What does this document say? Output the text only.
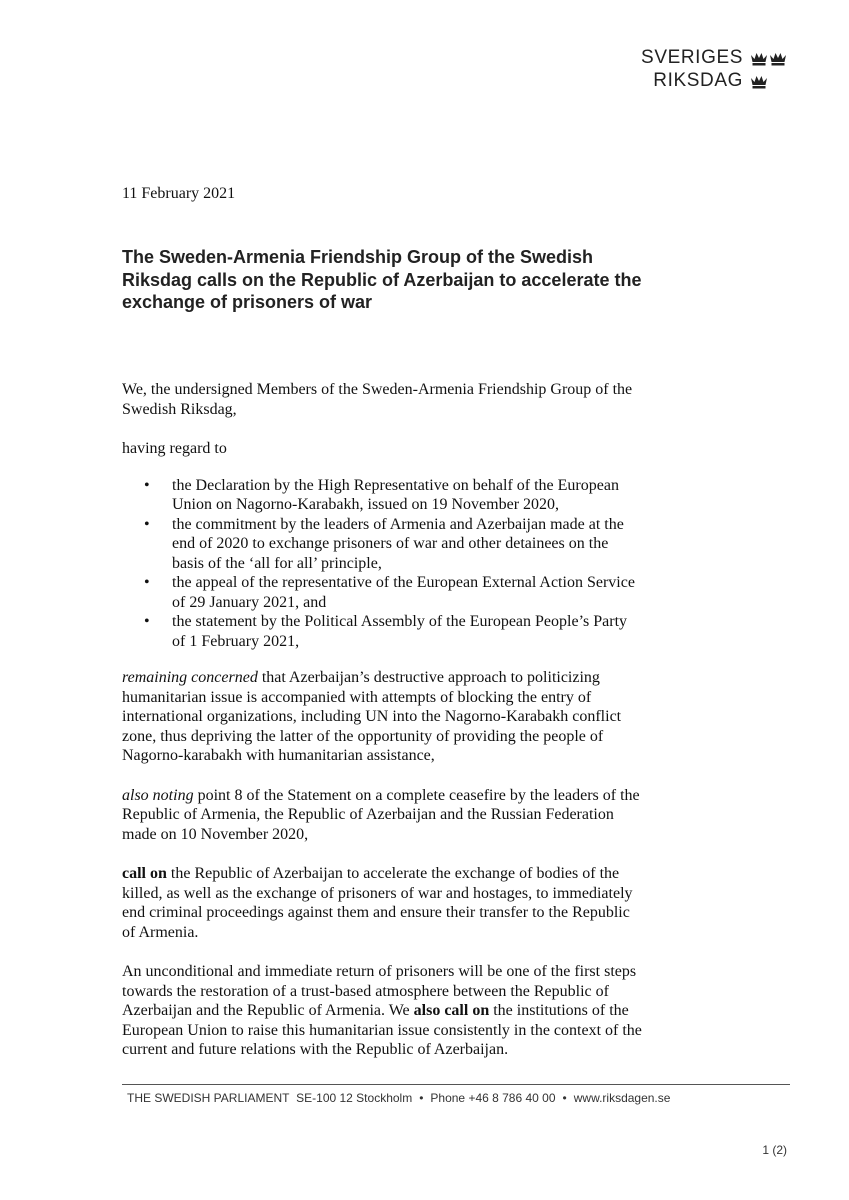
SVERIGES
RIKSDAG
11 February 2021
The Sweden-Armenia Friendship Group of the Swedish Riksdag calls on the Republic of Azerbaijan to accelerate the exchange of prisoners of war

We, the undersigned Members of the Sweden-Armenia Friendship Group of the Swedish Riksdag,

having regard to

• the Declaration by the High Representative on behalf of the European Union on Nagorno-Karabakh, issued on 19 November 2020,
• the commitment by the leaders of Armenia and Azerbaijan made at the end of 2020 to exchange prisoners of war and other detainees on the basis of the ‘all for all’ principle,
• the appeal of the representative of the European External Action Service of 29 January 2021, and
• the statement by the Political Assembly of the European People’s Party of 1 February 2021,

remaining concerned that Azerbaijan’s destructive approach to politicizing humanitarian issue is accompanied with attempts of blocking the entry of international organizations, including UN into the Nagorno-Karabakh conflict zone, thus depriving the latter of the opportunity of providing the people of Nagorno-karabakh with humanitarian assistance,

also noting point 8 of the Statement on a complete ceasefire by the leaders of the Republic of Armenia, the Republic of Azerbaijan and the Russian Federation made on 10 November 2020,

call on the Republic of Azerbaijan to accelerate the exchange of bodies of the killed, as well as the exchange of prisoners of war and hostages, to immediately end criminal proceedings against them and ensure their transfer to the Republic of Armenia.

An unconditional and immediate return of prisoners will be one of the first steps towards the restoration of a trust-based atmosphere between the Republic of Azerbaijan and the Republic of Armenia. We also call on the institutions of the European Union to raise this humanitarian issue consistently in the context of the current and future relations with the Republic of Azerbaijan.

THE SWEDISH PARLIAMENT SE-100 12 Stockholm • Phone +46 8 786 40 00 • www.riksdagen.se
1 (2)
